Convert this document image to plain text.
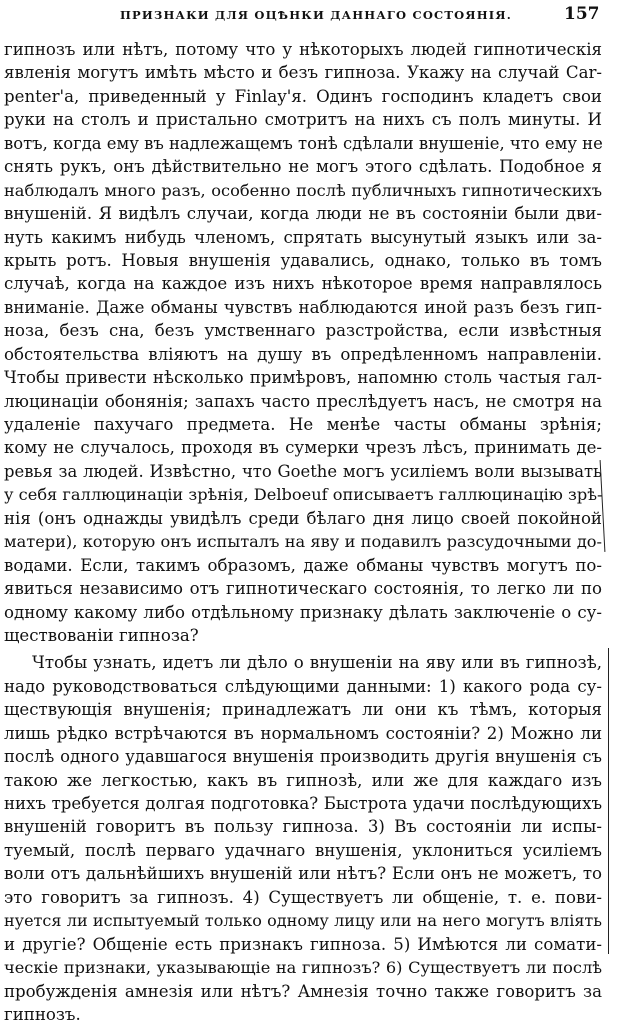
ПРИЗНАКИ ДЛЯ ОЦѢНКИ ДАННАГО СОСТОЯНІЯ.	157
гипнозъ или нѣтъ, потому что у нѣкоторыхъ людей гипнотическія
явленія могутъ имѣть мѣсто и безъ гипноза. Укажу на случай Car-
penter'a, приведенный у Finlay'я. Одинъ господинъ кладетъ свои
руки на столъ и пристально смотритъ на нихъ съ полъ минуты. И
вотъ, когда ему въ надлежащемъ тонѣ сдѣлали внушеніе, что ему не
снять рукъ, онъ дѣйствительно не могъ этого сдѣлать. Подобное я
наблюдалъ много разъ, особенно послѣ публичныхъ гипнотическихъ
внушеній. Я видѣлъ случаи, когда люди не въ состояніи были дви-
нуть какимъ нибудь членомъ, спрятать высунутый языкъ или за-
крыть ротъ. Новыя внушенія удавались, однако, только въ томъ
случаѣ, когда на каждое изъ нихъ нѣкоторое время направлялось
вниманіе. Даже обманы чувствъ наблюдаются иной разъ безъ гип-
ноза, безъ сна, безъ умственнаго разстройства, если извѣстныя
обстоятельства вліяютъ на душу въ опредѣленномъ направленіи.
Чтобы привести нѣсколько примѣровъ, напомню столь частыя гал-
люцинаціи обонянія; запахъ часто преслѣдуетъ насъ, не смотря на
удаленіе пахучаго предмета. Не менѣе часты обманы зрѣнія;
кому не случалось, проходя въ сумерки чрезъ лѣсъ, принимать де-
ревья за людей. Извѣстно, что Goethe могъ усиліемъ воли вызывать
у себя галлюцинаціи зрѣнія, Delboeuf описываетъ галлюцинацію зрѣ-
нія (онъ однажды увидѣлъ среди бѣлаго дня лицо своей покойной
матери), которую онъ испыталъ на яву и подавилъ разсудочными до-
водами. Если, такимъ образомъ, даже обманы чувствъ могутъ по-
явиться независимо отъ гипнотическаго состоянія, то легко ли по
одному какому либо отдѣльному признаку дѣлать заключеніе о су-
ществованіи гипноза?
Чтобы узнать, идетъ ли дѣло о внушеніи на яву или въ гипнозѣ,
надо руководствоваться слѣдующими данными: 1) какого рода су-
ществующія внушенія; принадлежатъ ли они къ тѣмъ, которыя
лишь рѣдко встрѣчаются въ нормальномъ состояніи? 2) Можно ли
послѣ одного удавшагося внушенія производить другія внушенія съ
такою же легкостью, какъ въ гипнозѣ, или же для каждаго изъ
нихъ требуется долгая подготовка? Быстрота удачи послѣдующихъ
внушеній говоритъ въ пользу гипноза. 3) Въ состояніи ли испы-
туемый, послѣ перваго удачнаго внушенія, уклониться усиліемъ
воли отъ дальнѣйшихъ внушеній или нѣтъ? Если онъ не можетъ, то
это говоритъ за гипнозъ. 4) Существуетъ ли общеніе, т. е. пови-
нуется ли испытуемый только одному лицу или на него могутъ вліять
и другіе? Общеніе есть признакъ гипноза. 5) Имѣются ли сомати-
ческіе признаки, указывающіе на гипнозъ? 6) Существуетъ ли послѣ
пробужденія амнезія или нѣтъ? Амнезія точно также говоритъ за
гипнозъ.
